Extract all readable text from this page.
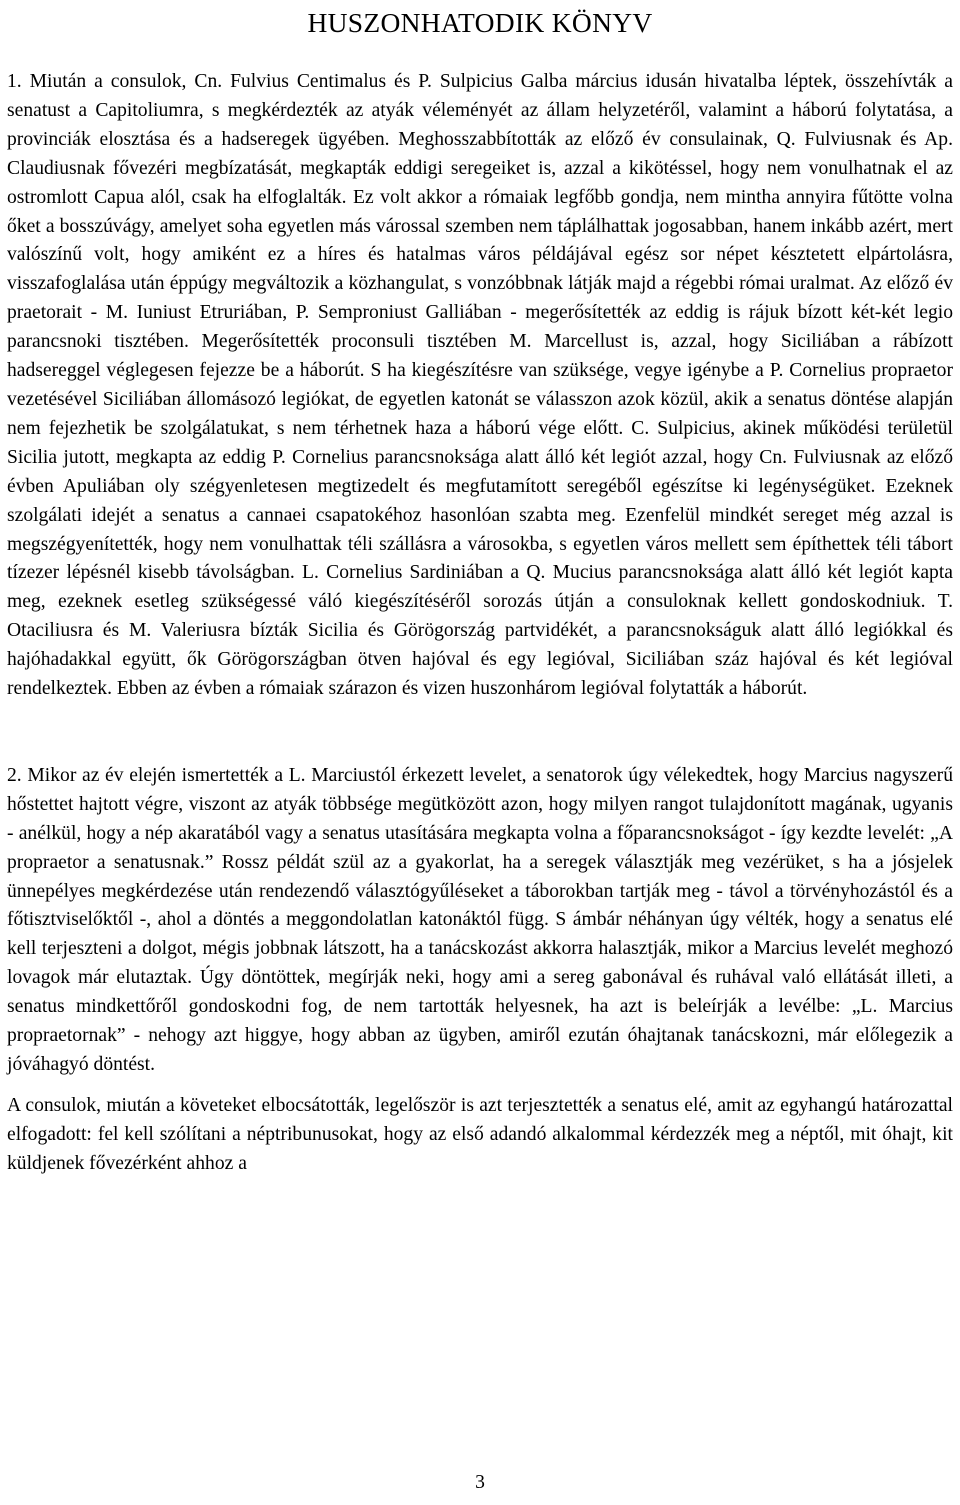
HUSZONHATODIK KÖNYV

1. Miután a consulok, Cn. Fulvius Centimalus és P. Sulpicius Galba március idusán hivatalba léptek, összehívták a senatust a Capitoliumra, s megkérdezték az atyák véleményét az állam helyzetéről, valamint a háború folytatása, a provinciák elosztása és a hadseregek ügyében. Meghosszabbították az előző év consulainak, Q. Fulviusnak és Ap. Claudiusnak fővezéri megbízatását, megkapták eddigi seregeiket is, azzal a kikötéssel, hogy nem vonulhatnak el az ostromlott Capua alól, csak ha elfoglalták. Ez volt akkor a rómaiak legfőbb gondja, nem mintha annyira fűtötte volna őket a bosszúvágy, amelyet soha egyetlen más várossal szemben nem táplálhattak jogosabban, hanem inkább azért, mert valószínű volt, hogy amiként ez a híres és hatalmas város példájával egész sor népet késztetett elpártolásra, visszafoglalása után éppúgy megváltozik a közhangulat, s vonzóbbnak látják majd a régebbi római uralmat. Az előző év praetorait - M. Iuniust Etruriában, P. Semproniust Galliában - megerősítették az eddig is rájuk bízott két-két legio parancsnoki tisztében. Megerősítették proconsuli tisztében M. Marcellust is, azzal, hogy Siciliában a rábízott hadsereggel véglegesen fejezze be a háborút. S ha kiegészítésre van szüksége, vegye igénybe a P. Cornelius propraetor vezetésével Siciliában állomásozó legiókat, de egyetlen katonát se válasszon azok közül, akik a senatus döntése alapján nem fejezhetik be szolgálatukat, s nem térhetnek haza a háború vége előtt. C. Sulpicius, akinek működési területül Sicilia jutott, megkapta az eddig P. Cornelius parancsnoksága alatt álló két legiót azzal, hogy Cn. Fulviusnak az előző évben Apuliában oly szégyenletesen megtizedelt és megfutamított seregéből egészítse ki legénységüket. Ezeknek szolgálati idejét a senatus a cannaei csapatokéhoz hasonlóan szabta meg. Ezenfelül mindkét sereget még azzal is megszégyenítették, hogy nem vonulhattak téli szállásra a városokba, s egyetlen város mellett sem építhettek téli tábort tízezer lépésnél kisebb távolságban. L. Cornelius Sardiniában a Q. Mucius parancsnoksága alatt álló két legiót kapta meg, ezeknek esetleg szükségessé váló kiegészítéséről sorozás útján a consuloknak kellett gondoskodniuk. T. Otaciliusra és M. Valeriusra bízták Sicilia és Görögország partvidékét, a parancsnokságuk alatt álló legiókkal és hajóhadakkal együtt, ők Görögországban ötven hajóval és egy legióval, Siciliában száz hajóval és két legióval rendelkeztek. Ebben az évben a rómaiak szárazon és vizen huszonhárom legióval folytatták a háborút.

2. Mikor az év elején ismertették a L. Marciustól érkezett levelet, a senatorok úgy vélekedtek, hogy Marcius nagyszerű hőstettet hajtott végre, viszont az atyák többsége megütközött azon, hogy milyen rangot tulajdonított magának, ugyanis - anélkül, hogy a nép akaratából vagy a senatus utasítására megkapta volna a főparancsnokságot - így kezdte levelét: „A propraetor a senatusnak.” Rossz példát szül az a gyakorlat, ha a seregek választják meg vezérüket, s ha a jósjelek ünnepélyes megkérdezése után rendezendő választógyűléseket a táborokban tartják meg - távol a törvényhozástól és a főtisztviselőktől -, ahol a döntés a meggondolatlan katonáktól függ. S ámbár néhányan úgy vélték, hogy a senatus elé kell terjeszteni a dolgot, mégis jobbnak látszott, ha a tanácskozást akkorra halasztják, mikor a Marcius levelét meghozó lovagok már elutaztak. Úgy döntöttek, megírják neki, hogy ami a sereg gabonával és ruhával való ellátását illeti, a senatus mindkettőről gondoskodni fog, de nem tartották helyesnek, ha azt is beleírják a levélbe: „L. Marcius propraetornak” - nehogy azt higgye, hogy abban az ügyben, amiről ezután óhajtanak tanácskozni, már előlegezik a jóváhagyó döntést.

A consulok, miután a követeket elbocsátották, legelőször is azt terjesztették a senatus elé, amit az egyhangú határozattal elfogadott: fel kell szólítani a néptribunusokat, hogy az első adandó alkalommal kérdezzék meg a néptől, mit óhajt, kit küldjenek fővezérként ahhoz a

3
